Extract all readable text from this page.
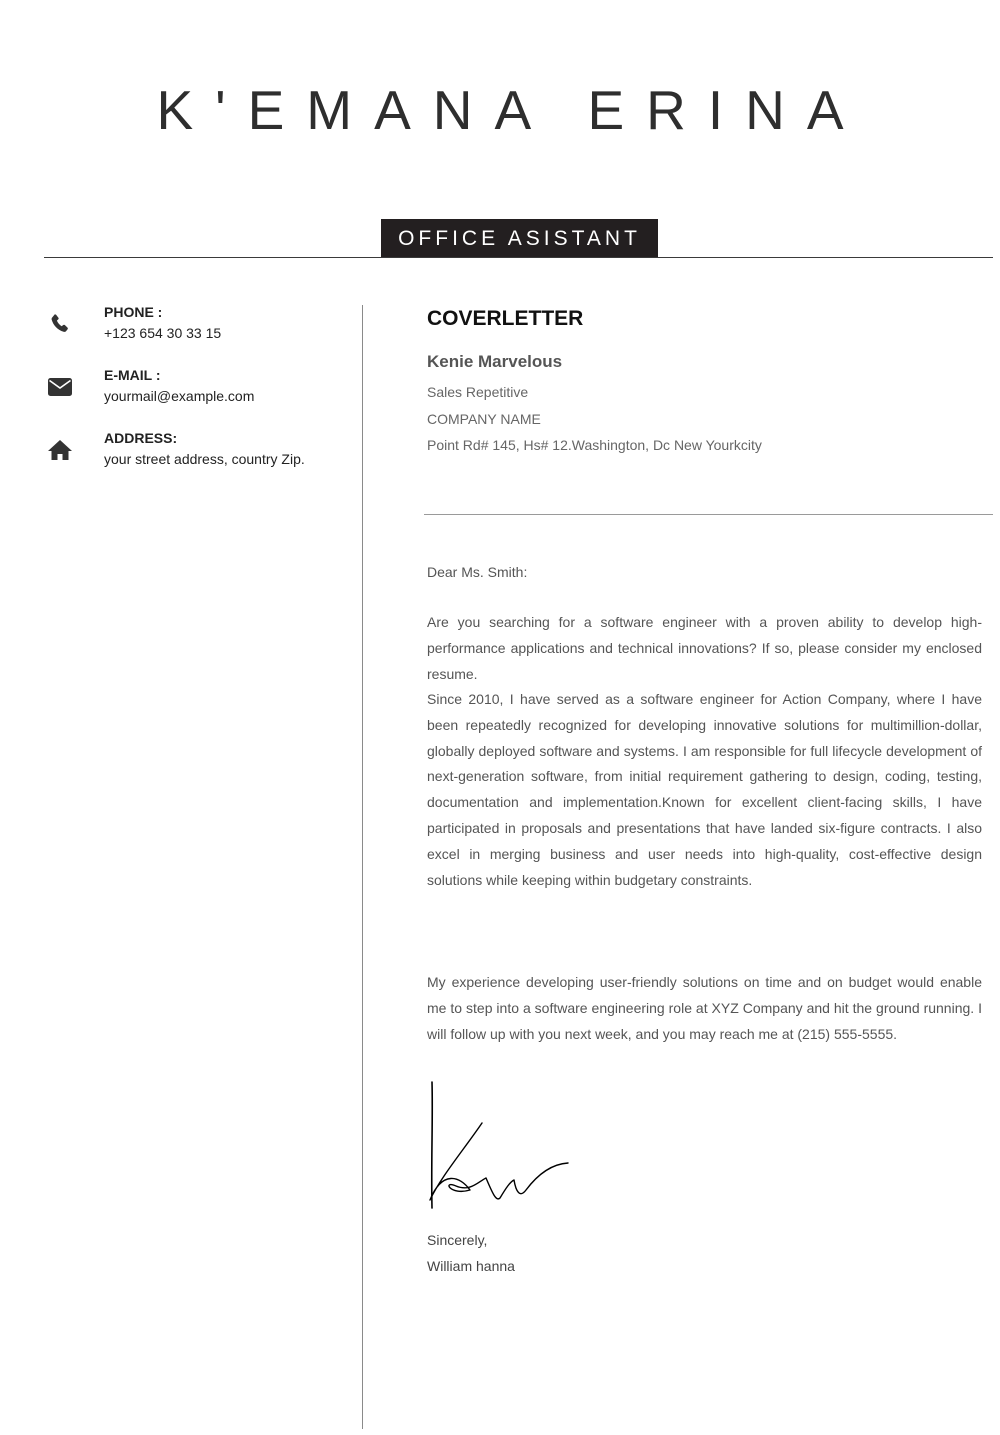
K'EMANA ERINA
OFFICE ASISTANT
PHONE :
+123 654 30 33 15
E-MAIL :
yourmail@example.com
ADDRESS:
your street address, country Zip.
COVERLETTER
Kenie Marvelous
Sales Repetitive
COMPANY NAME
Point Rd# 145, Hs# 12.Washington, Dc New Yourkcity
Dear Ms. Smith:

Are you searching for a software engineer with a proven ability to develop high-performance applications and technical innovations? If so, please consider my enclosed resume.

Since 2010, I have served as a software engineer for Action Company, where I have been repeatedly recognized for developing innovative solutions for multimillion-dollar, globally deployed software and systems. I am responsible for full lifecycle development of next-generation software, from initial requirement gathering to design, coding, testing, documentation and implementation.Known for excellent client-facing skills, I have participated in proposals and presentations that have landed six-figure contracts. I also excel in merging business and user needs into high-quality, cost-effective design solutions while keeping within budgetary constraints.

My experience developing user-friendly solutions on time and on budget would enable me to step into a software engineering role at XYZ Company and hit the ground running. I will follow up with you next week, and you may reach me at (215) 555-5555.

Sincerely,
William hanna
